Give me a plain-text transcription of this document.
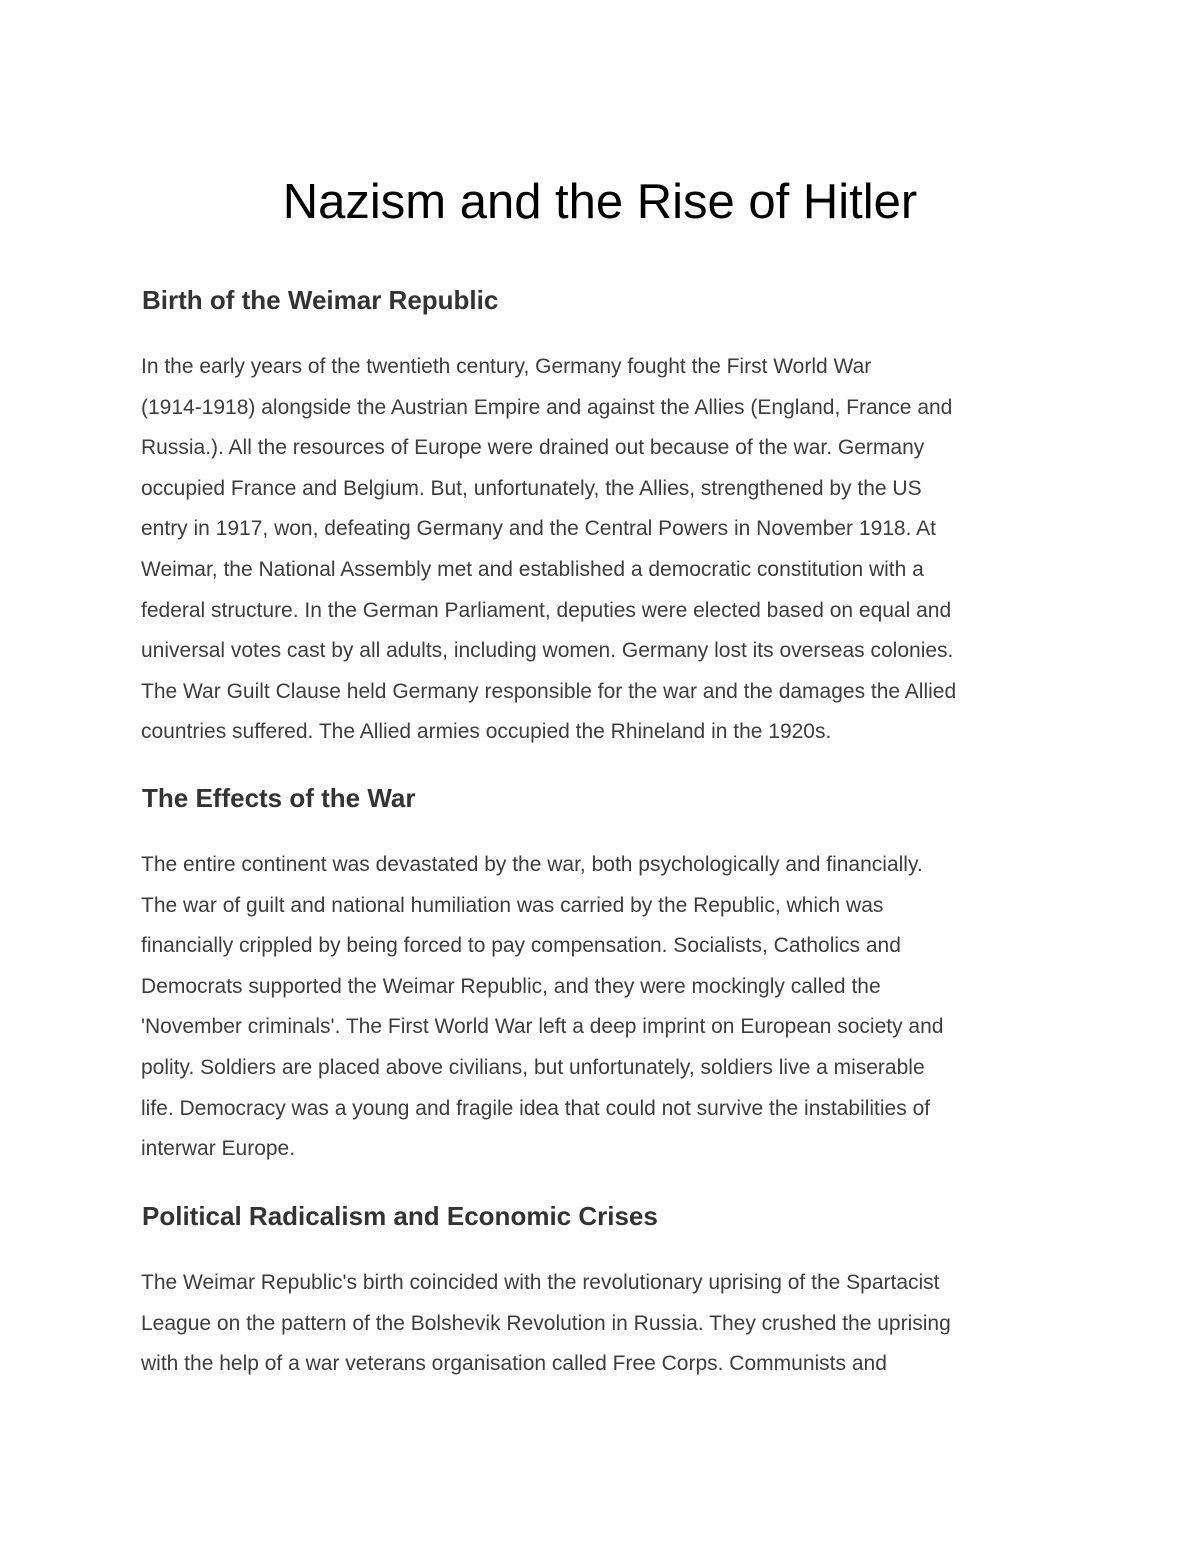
Nazism and the Rise of Hitler
Birth of the Weimar Republic
In the early years of the twentieth century, Germany fought the First World War
(1914-1918) alongside the Austrian Empire and against the Allies (England, France and
Russia.). All the resources of Europe were drained out because of the war. Germany
occupied France and Belgium. But, unfortunately, the Allies, strengthened by the US
entry in 1917, won, defeating Germany and the Central Powers in November 1918. At
Weimar, the National Assembly met and established a democratic constitution with a
federal structure. In the German Parliament, deputies were elected based on equal and
universal votes cast by all adults, including women. Germany lost its overseas colonies.
The War Guilt Clause held Germany responsible for the war and the damages the Allied
countries suffered. The Allied armies occupied the Rhineland in the 1920s.
The Effects of the War
The entire continent was devastated by the war, both psychologically and financially.
The war of guilt and national humiliation was carried by the Republic, which was
financially crippled by being forced to pay compensation. Socialists, Catholics and
Democrats supported the Weimar Republic, and they were mockingly called the
'November criminals'. The First World War left a deep imprint on European society and
polity. Soldiers are placed above civilians, but unfortunately, soldiers live a miserable
life. Democracy was a young and fragile idea that could not survive the instabilities of
interwar Europe.
Political Radicalism and Economic Crises
The Weimar Republic's birth coincided with the revolutionary uprising of the Spartacist
League on the pattern of the Bolshevik Revolution in Russia. They crushed the uprising
with the help of a war veterans organisation called Free Corps. Communists and
